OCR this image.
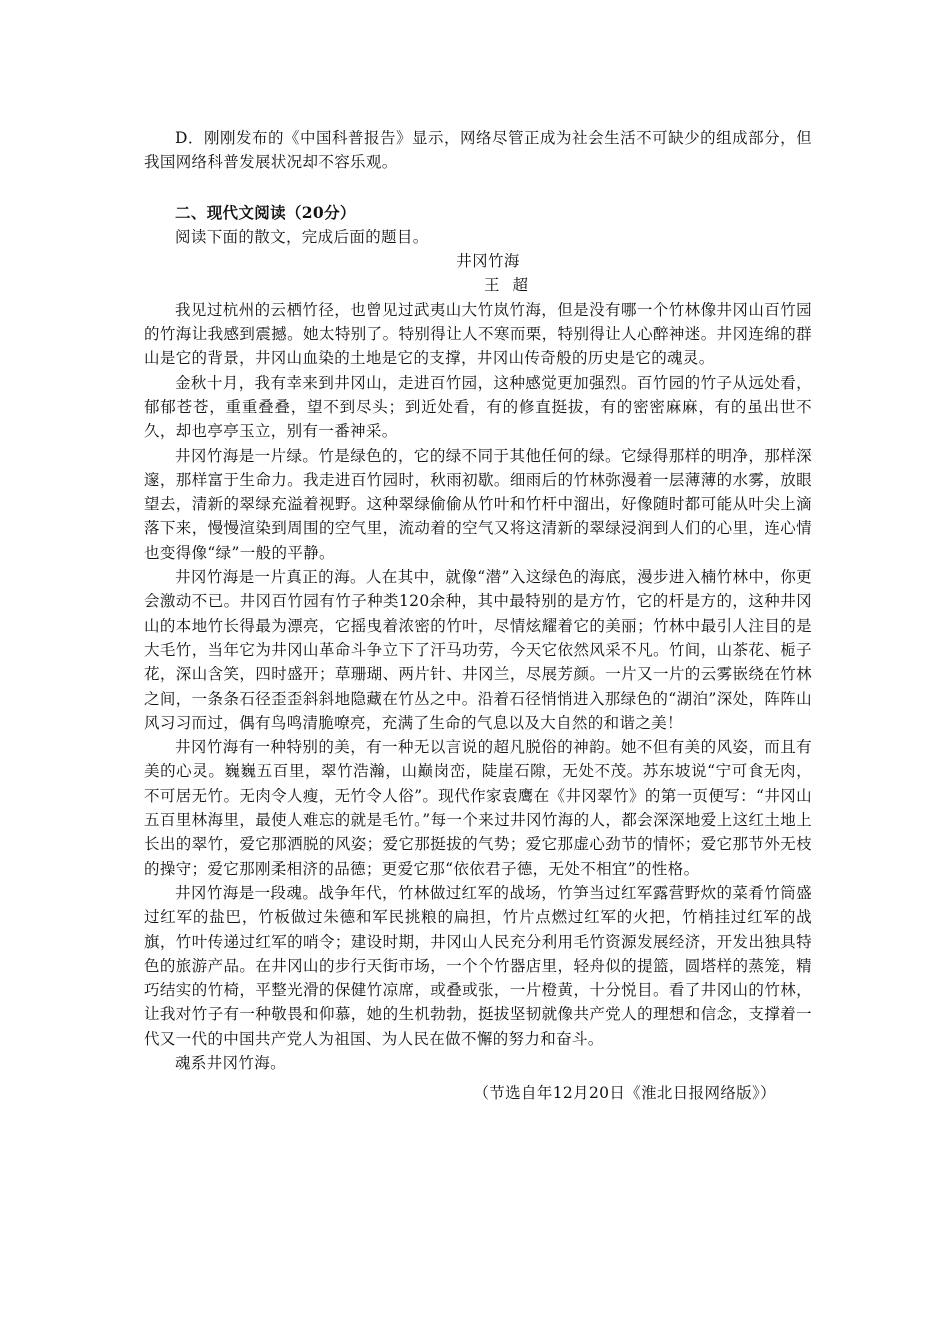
D．刚刚发布的《中国科普报告》显示，网络尽管正成为社会生活不可缺少的组成部分，但我国网络科普发展状况却不容乐观。

二、现代文阅读（20分）

阅读下面的散文，完成后面的题目。

井冈竹海

王 超

我见过杭州的云栖竹径，也曾见过武夷山大竹岚竹海，但是没有哪一个竹林像井冈山百竹园的竹海让我感到震撼。她太特别了。特别得让人不寒而栗，特别得让人心醉神迷。井冈连绵的群山是它的背景，井冈山血染的土地是它的支撑，井冈山传奇般的历史是它的魂灵。

金秋十月，我有幸来到井冈山，走进百竹园，这种感觉更加强烈。百竹园的竹子从远处看，郁郁苍苍，重重叠叠，望不到尽头；到近处看，有的修直挺拔，有的密密麻麻，有的虽出世不久，却也亭亭玉立，别有一番神采。

井冈竹海是一片绿。竹是绿色的，它的绿不同于其他任何的绿。它绿得那样的明净，那样深邃，那样富于生命力。我走进百竹园时，秋雨初歇。细雨后的竹林弥漫着一层薄薄的水雾，放眼望去，清新的翠绿充溢着视野。这种翠绿偷偷从竹叶和竹杆中溜出，好像随时都可能从叶尖上滴落下来，慢慢渲染到周围的空气里，流动着的空气又将这清新的翠绿浸润到人们的心里，连心情也变得像“绿”一般的平静。

井冈竹海是一片真正的海。人在其中，就像“潜”入这绿色的海底，漫步进入楠竹林中，你更会激动不已。井冈百竹园有竹子种类120余种，其中最特别的是方竹，它的杆是方的，这种井冈山的本地竹长得最为漂亮，它摇曳着浓密的竹叶，尽情炫耀着它的美丽；竹林中最引人注目的是大毛竹，当年它为井冈山革命斗争立下了汗马功劳，今天它依然风采不凡。竹间，山茶花、栀子花，深山含笑，四时盛开；草珊瑚、两片针、井冈兰，尽展芳颜。一片又一片的云雾嵌绕在竹林之间，一条条石径歪歪斜斜地隐藏在竹丛之中。沿着石径悄悄进入那绿色的“湖泊”深处，阵阵山风习习而过，偶有鸟鸣清脆嘹亮，充满了生命的气息以及大自然的和谐之美！

井冈竹海有一种特别的美，有一种无以言说的超凡脱俗的神韵。她不但有美的风姿，而且有美的心灵。巍巍五百里，翠竹浩瀚，山巅岗峦，陡崖石隙，无处不茂。苏东坡说“宁可食无肉，不可居无竹。无肉令人瘦，无竹令人俗”。现代作家袁鹰在《井冈翠竹》的第一页便写：“井冈山五百里林海里，最使人难忘的就是毛竹。”每一个来过井冈竹海的人，都会深深地爱上这红土地上长出的翠竹，爱它那洒脱的风姿；爱它那挺拔的气势；爱它那虚心劲节的情怀；爱它那节外无枝的操守；爱它那刚柔相济的品德；更爱它那“依依君子德，无处不相宜”的性格。

井冈竹海是一段魂。战争年代，竹林做过红军的战场，竹笋当过红军露营野炊的菜肴竹筒盛过红军的盐巴，竹板做过朱德和军民挑粮的扁担，竹片点燃过红军的火把，竹梢挂过红军的战旗，竹叶传递过红军的哨令；建设时期，井冈山人民充分利用毛竹资源发展经济，开发出独具特色的旅游产品。在井冈山的步行天街市场，一个个竹器店里，轻舟似的提篮，圆塔样的蒸笼，精巧结实的竹椅，平整光滑的保健竹凉席，或叠或张，一片橙黄，十分悦目。看了井冈山的竹林，让我对竹子有一种敬畏和仰慕，她的生机勃勃，挺拔坚韧就像共产党人的理想和信念，支撑着一代又一代的中国共产党人为祖国、为人民在做不懈的努力和奋斗。

魂系井冈竹海。

（节选自年12月20日《淮北日报网络版》）
